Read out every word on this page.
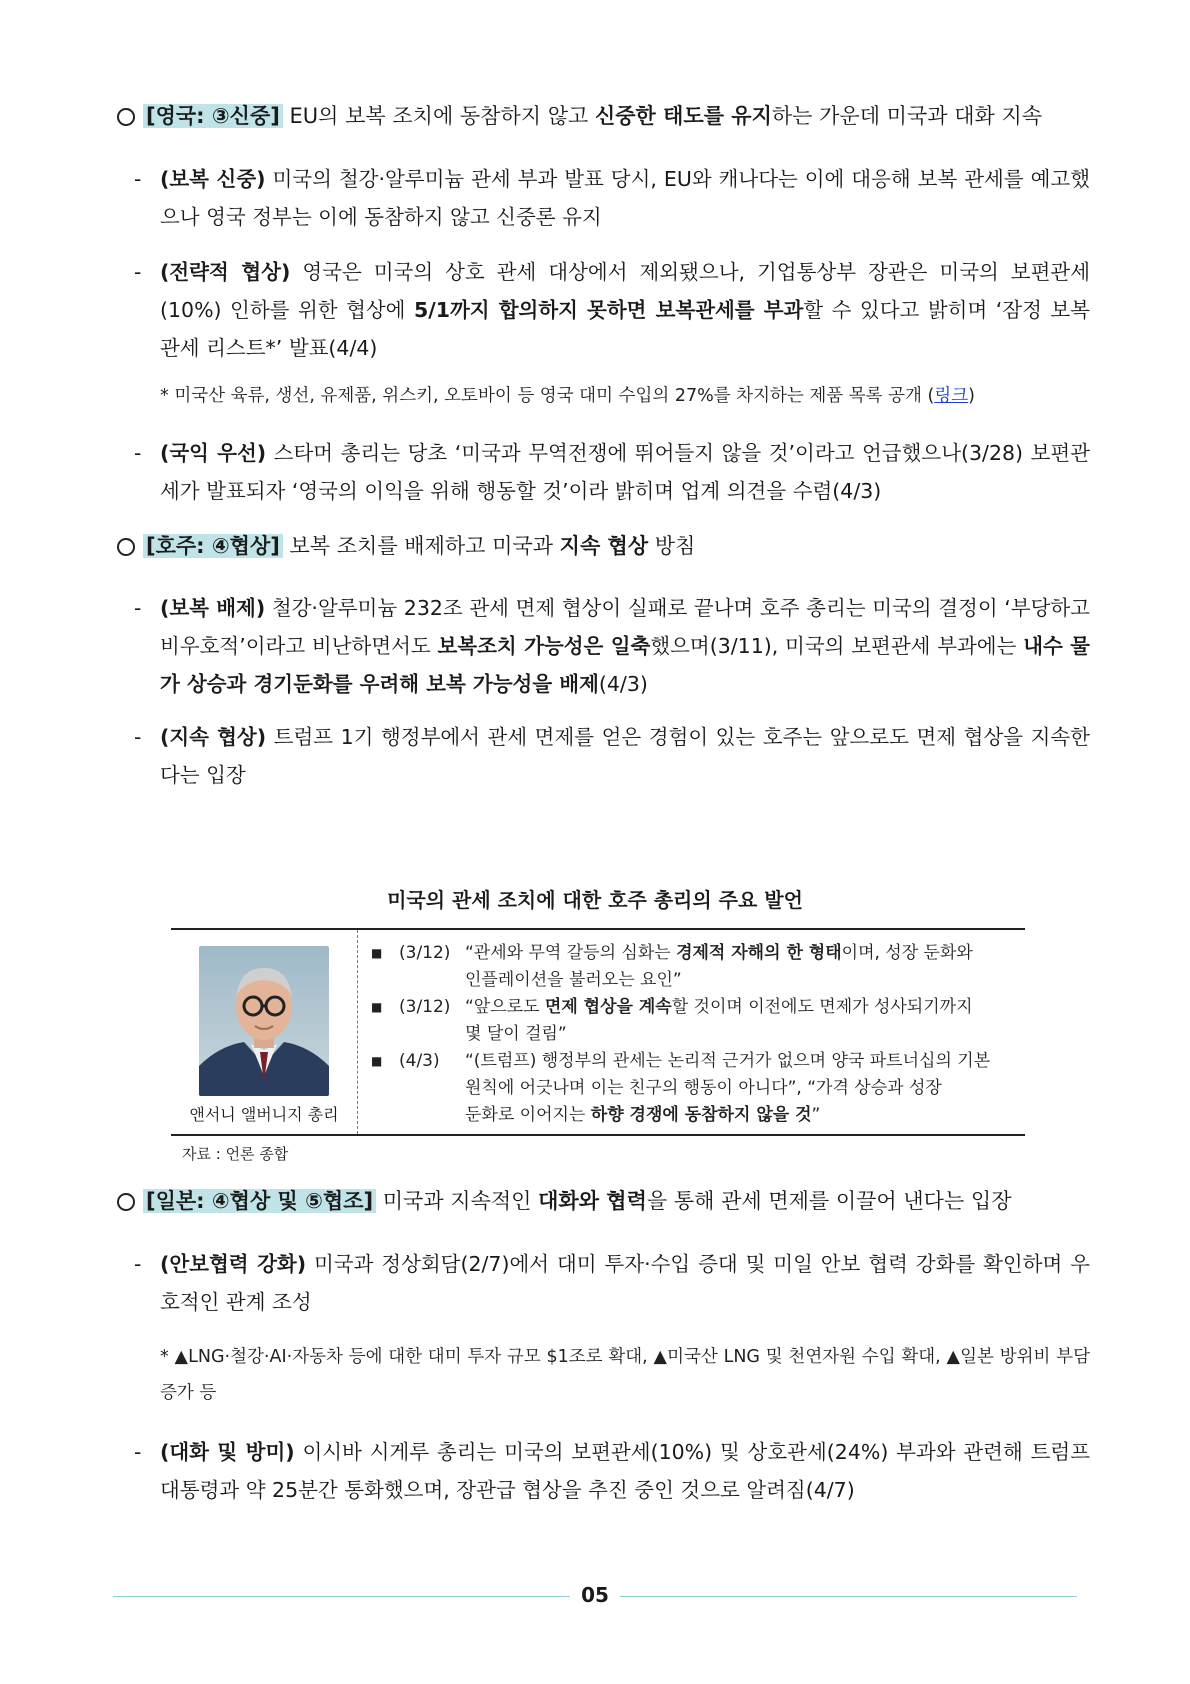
[영국: ③신중] EU의 보복 조치에 동참하지 않고 신중한 태도를 유지하는 가운데 미국과 대화 지속
- (보복 신중) 미국의 철강·알루미늄 관세 부과 발표 당시, EU와 캐나다는 이에 대응해 보복 관세를 예고했으나 영국 정부는 이에 동참하지 않고 신중론 유지
- (전략적 협상) 영국은 미국의 상호 관세 대상에서 제외됐으나, 기업통상부 장관은 미국의 보편관세(10%) 인하를 위한 협상에 5/1까지 합의하지 못하면 보복관세를 부과할 수 있다고 밝히며 ‘잠정 보복 관세 리스트*’ 발표(4/4)
* 미국산 육류, 생선, 유제품, 위스키, 오토바이 등 영국 대미 수입의 27%를 차지하는 제품 목록 공개 (링크)
- (국익 우선) 스타머 총리는 당초 ‘미국과 무역전쟁에 뛰어들지 않을 것’이라고 언급했으나(3/28) 보편관세가 발표되자 ‘영국의 이익을 위해 행동할 것’이라 밝히며 업계 의견을 수렴(4/3)
[호주: ④협상] 보복 조치를 배제하고 미국과 지속 협상 방침
- (보복 배제) 철강·알루미늄 232조 관세 면제 협상이 실패로 끝나며 호주 총리는 미국의 결정이 ‘부당하고 비우호적’이라고 비난하면서도 보복조치 가능성은 일축했으며(3/11), 미국의 보편관세 부과에는 내수 물가 상승과 경기둔화를 우려해 보복 가능성을 배제(4/3)
- (지속 협상) 트럼프 1기 행정부에서 관세 면제를 얻은 경험이 있는 호주는 앞으로도 면제 협상을 지속한다는 입장
미국의 관세 조치에 대한 호주 총리의 주요 발언
앤서니 앨버니지 총리
■ (3/12) “관세와 무역 갈등의 심화는 경제적 자해의 한 형태이며, 성장 둔화와
인플레이션을 불러오는 요인”
■ (3/12) “앞으로도 면제 협상을 계속할 것이며 이전에도 면제가 성사되기까지
몇 달이 걸림”
■ (4/3) “(트럼프) 행정부의 관세는 논리적 근거가 없으며 양국 파트너십의 기본
원칙에 어긋나며 이는 친구의 행동이 아니다”, “가격 상승과 성장
둔화로 이어지는 하향 경쟁에 동참하지 않을 것”
자료 : 언론 종합
[일본: ④협상 및 ⑤협조] 미국과 지속적인 대화와 협력을 통해 관세 면제를 이끌어 낸다는 입장
- (안보협력 강화) 미국과 정상회담(2/7)에서 대미 투자·수입 증대 및 미일 안보 협력 강화를 확인하며 우호적인 관계 조성
* ▲LNG·철강·AI·자동차 등에 대한 대미 투자 규모 $1조로 확대, ▲미국산 LNG 및 천연자원 수입 확대, ▲일본 방위비 부담 증가 등
- (대화 및 방미) 이시바 시게루 총리는 미국의 보편관세(10%) 및 상호관세(24%) 부과와 관련해 트럼프 대통령과 약 25분간 통화했으며, 장관급 협상을 추진 중인 것으로 알려짐(4/7)
05
